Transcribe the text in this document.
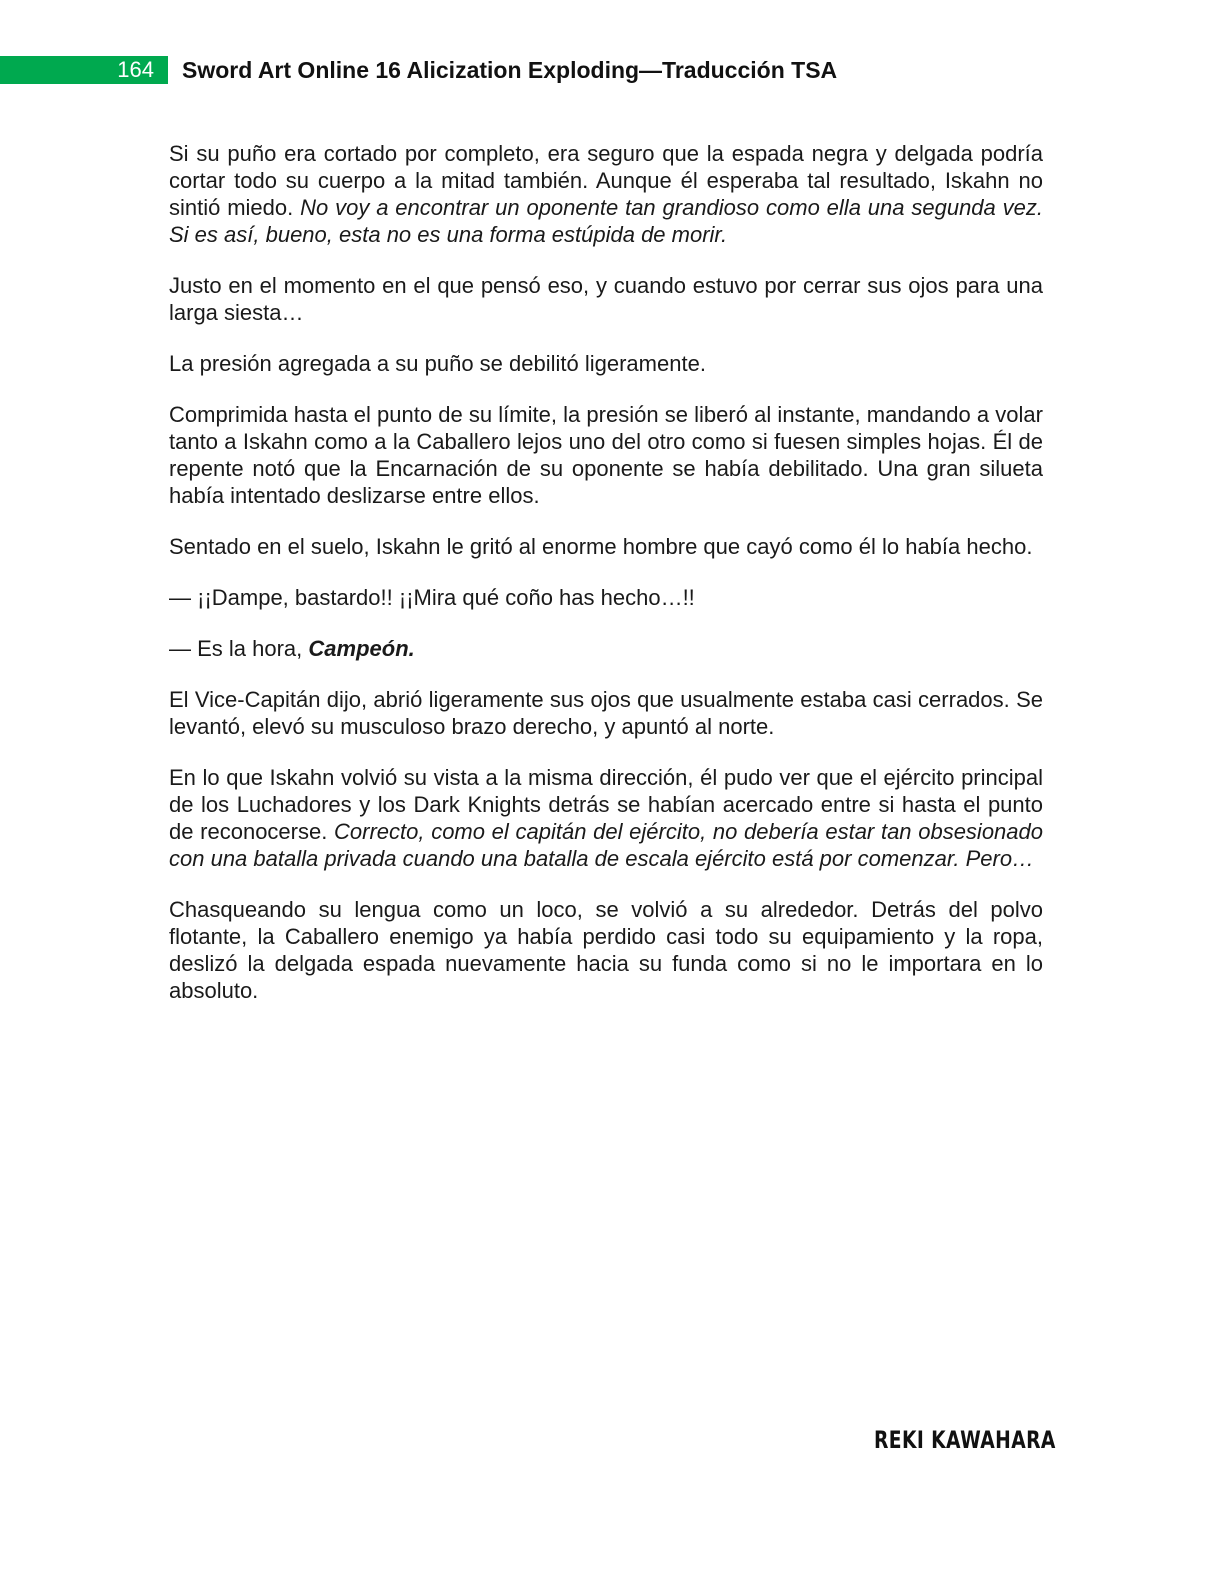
164	Sword Art Online 16 Alicization Exploding—Traducción TSA

Si su puño era cortado por completo, era seguro que la espada negra y delgada podría cortar todo su cuerpo a la mitad también. Aunque él esperaba tal resultado, Iskahn no sintió miedo. No voy a encontrar un oponente tan grandioso como ella una segunda vez. Si es así, bueno, esta no es una forma estúpida de morir.

Justo en el momento en el que pensó eso, y cuando estuvo por cerrar sus ojos para una larga siesta…

La presión agregada a su puño se debilitó ligeramente.

Comprimida hasta el punto de su límite, la presión se liberó al instante, mandando a volar tanto a Iskahn como a la Caballero lejos uno del otro como si fuesen simples hojas. Él de repente notó que la Encarnación de su oponente se había debilitado. Una gran silueta había intentado deslizarse entre ellos.

Sentado en el suelo, Iskahn le gritó al enorme hombre que cayó como él lo había hecho.

— ¡¡Dampe, bastardo!! ¡¡Mira qué coño has hecho…!!

— Es la hora, Campeón.

El Vice-Capitán dijo, abrió ligeramente sus ojos que usualmente estaba casi cerrados. Se levantó, elevó su musculoso brazo derecho, y apuntó al norte.

En lo que Iskahn volvió su vista a la misma dirección, él pudo ver que el ejército principal de los Luchadores y los Dark Knights detrás se habían acercado entre si hasta el punto de reconocerse. Correcto, como el capitán del ejército, no debería estar tan obsesionado con una batalla privada cuando una batalla de escala ejército está por comenzar. Pero…

Chasqueando su lengua como un loco, se volvió a su alrededor. Detrás del polvo flotante, la Caballero enemigo ya había perdido casi todo su equipamiento y la ropa, deslizó la delgada espada nuevamente hacia su funda como si no le importara en lo absoluto.

REKI KAWAHARA
